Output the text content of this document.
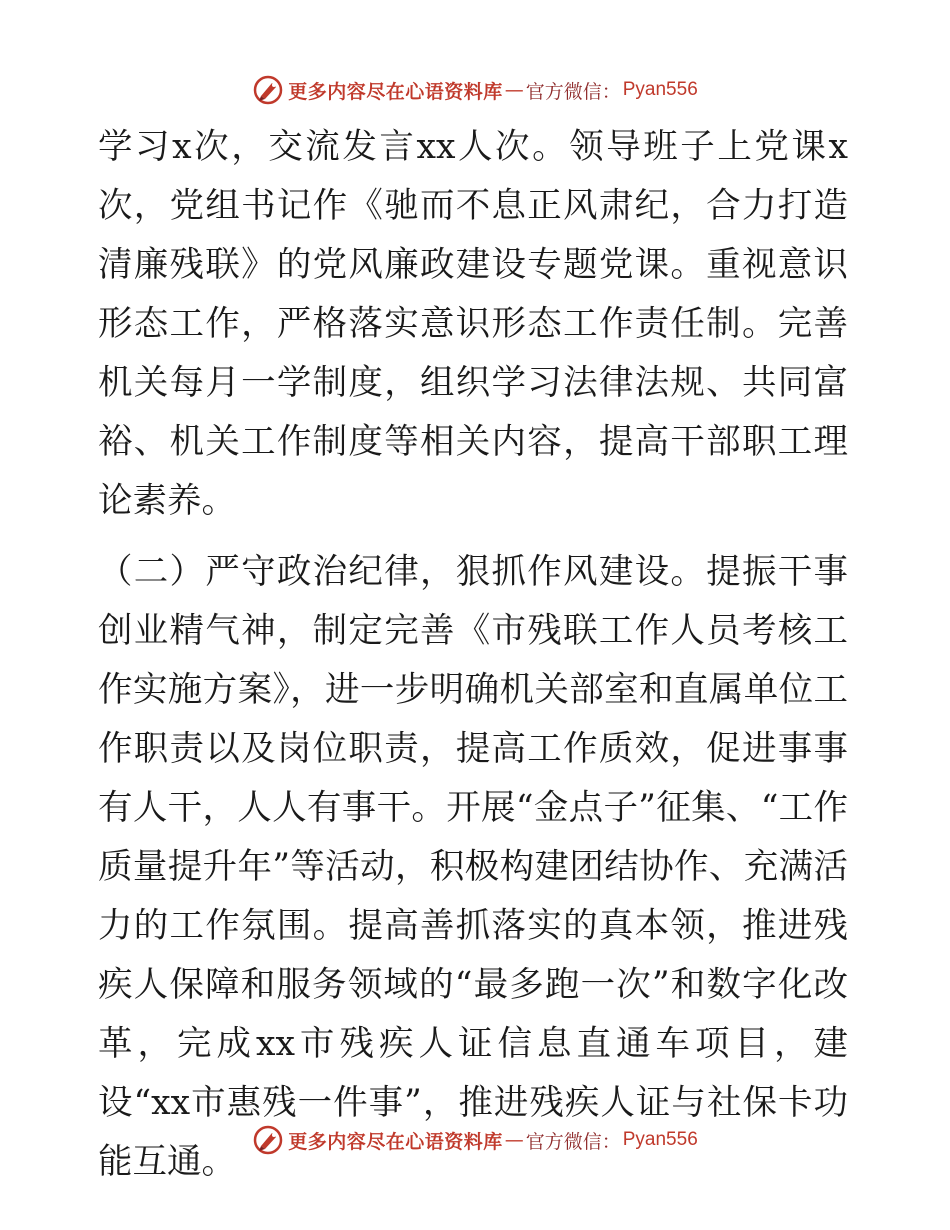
更多内容尽在心语资料库 — 官方微信： Pyan556

学习x次，交流发言xx人次。领导班子上党课x次，党组书记作《驰而不息正风肃纪，合力打造清廉残联》的党风廉政建设专题党课。重视意识形态工作，严格落实意识形态工作责任制。完善机关每月一学制度，组织学习法律法规、共同富裕、机关工作制度等相关内容，提高干部职工理论素养。

（二）严守政治纪律，狠抓作风建设。提振干事创业精气神，制定完善《市残联工作人员考核工作实施方案》，进一步明确机关部室和直属单位工作职责以及岗位职责，提高工作质效，促进事事有人干，人人有事干。开展“金点子”征集、“工作质量提升年”等活动，积极构建团结协作、充满活力的工作氛围。提高善抓落实的真本领，推进残疾人保障和服务领域的“最多跑一次”和数字化改革，完成xx市残疾人证信息直通车项目，建设“xx市惠残一件事”，推进残疾人证与社保卡功能互通。

更多内容尽在心语资料库 — 官方微信： Pyan556
